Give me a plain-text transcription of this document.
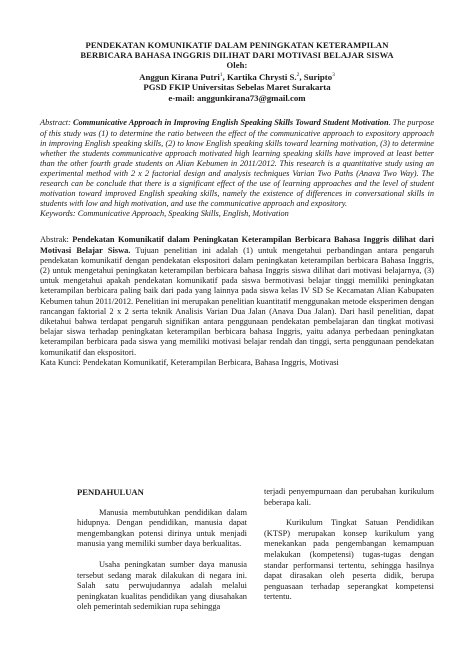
PENDEKATAN KOMUNIKATIF DALAM PENINGKATAN KETERAMPILAN
BERBICARA BAHASA INGGRIS DILIHAT DARI MOTIVASI BELAJAR SISWA
Oleh:
Anggun Kirana Putri$^1$, Kartika Chrysti S.$^2$, Suripto$^3$
PGSD FKIP Universitas Sebelas Maret Surakarta
e-mail: anggunkirana73@gmail.com
Abstract: Communicative Approach in Improving English Speaking Skills Toward Student Motivation. The purpose of this study was (1) to determine the ratio between the effect of the communicative approach to expository approach in improving English speaking skills, (2) to know English speaking skills toward learning motivation, (3) to determine whether the students communicative approach motivated high learning speaking skills have improved at least better than the other fourth grade students on Alian Kebumen in 2011/2012. This research is a quantitative study using an experimental method with 2 x 2 factorial design and analysis techniques Varian Two Paths (Anava Two Way). The research can be conclude that there is a significant effect of the use of learning approaches and the level of student motivation toward improved English speaking skills, namely the existence of differences in conversational skills in students with low and high motivation, and use the communicative approach and expository.
Keywords: Communicative Approach, Speaking Skills, English, Motivation
Abstrak: Pendekatan Komunikatif dalam Peningkatan Keterampilan Berbicara Bahasa Inggris dilihat dari Motivasi Belajar Siswa. Tujuan penelitian ini adalah (1) untuk mengetahui perbandingan antara pengaruh pendekatan komunikatif dengan pendekatan ekspositori dalam peningkatan keterampilan berbicara Bahasa Inggris, (2) untuk mengetahui peningkatan keterampilan berbicara bahasa Inggris siswa dilihat dari motivasi belajarnya, (3) untuk mengetahui apakah pendekatan komunikatif pada siswa bermotivasi belajar tinggi memiliki peningkatan keterampilan berbicara paling baik dari pada yang lainnya pada siswa kelas IV SD Se Kecamatan Alian Kabupaten Kebumen tahun 2011/2012. Penelitian ini merupakan penelitian kuantitatif menggunakan metode eksperimen dengan rancangan faktorial 2 x 2 serta teknik Analisis Varian Dua Jalan (Anava Dua Jalan). Dari hasil penelitian, dapat diketahui bahwa terdapat pengaruh signifikan antara penggunaan pendekatan pembelajaran dan tingkat motivasi belajar siswa terhadap peningkatan keterampilan berbicara bahasa Inggris, yaitu adanya perbedaan peningkatan keterampilan berbicara pada siswa yang memiliki motivasi belajar rendah dan tinggi, serta penggunaan pendekatan komunikatif dan ekspositori.
Kata Kunci: Pendekatan Komunikatif, Keterampilan Berbicara, Bahasa Inggris, Motivasi

PENDAHULUAN

Manusia membutuhkan pendidikan dalam hidupnya. Dengan pendidikan, manusia dapat mengembangkan potensi dirinya untuk menjadi manusia yang memiliki sumber daya berkualitas.

Usaha peningkatan sumber daya manusia tersebut sedang marak dilakukan di negara ini. Salah satu perwujudannya adalah melalui peningkatan kualitas pendidikan yang diusahakan oleh pemerintah sedemikian rupa sehingga

terjadi penyempurnaan dan perubahan kurikulum beberapa kali.

Kurikulum Tingkat Satuan Pendidikan (KTSP) merupakan konsep kurikulum yang menekankan pada pengembangan kemampuan melakukan (kompetensi) tugas-tugas dengan standar performansi tertentu, sehingga hasilnya dapat dirasakan oleh peserta didik, berupa penguasaan terhadap seperangkat kompetensi tertentu.
